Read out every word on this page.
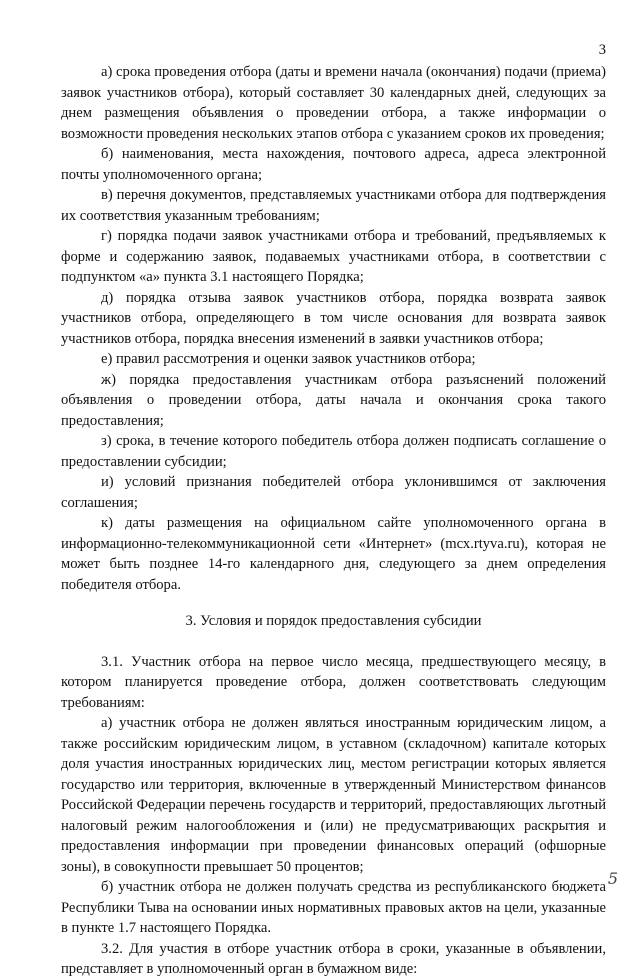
3

а) срока проведения отбора (даты и времени начала (окончания) подачи (приема) заявок участников отбора), который составляет 30 календарных дней, следующих за днем размещения объявления о проведении отбора, а также информации о возможности проведения нескольких этапов отбора с указанием сроков их проведения;

б) наименования, места нахождения, почтового адреса, адреса электронной почты уполномоченного органа;

в) перечня документов, представляемых участниками отбора для подтверждения их соответствия указанным требованиям;

г) порядка подачи заявок участниками отбора и требований, предъявляемых к форме и содержанию заявок, подаваемых участниками отбора, в соответствии с подпунктом «а» пункта 3.1 настоящего Порядка;

д) порядка отзыва заявок участников отбора, порядка возврата заявок участников отбора, определяющего в том числе основания для возврата заявок участников отбора, порядка внесения изменений в заявки участников отбора;

е) правил рассмотрения и оценки заявок участников отбора;

ж) порядка предоставления участникам отбора разъяснений положений объявления о проведении отбора, даты начала и окончания срока такого предоставления;

з) срока, в течение которого победитель отбора должен подписать соглашение о предоставлении субсидии;

и) условий признания победителей отбора уклонившимся от заключения соглашения;

к) даты размещения на официальном сайте уполномоченного органа в информационно-телекоммуникационной сети «Интернет» (mсх.rtyva.ru), которая не может быть позднее 14-го календарного дня, следующего за днем определения победителя отбора.

3. Условия и порядок предоставления субсидии

3.1. Участник отбора на первое число месяца, предшествующего месяцу, в котором планируется проведение отбора, должен соответствовать следующим требованиям:

а) участник отбора не должен являться иностранным юридическим лицом, а также российским юридическим лицом, в уставном (складочном) капитале которых доля участия иностранных юридических лиц, местом регистрации которых является государство или территория, включенные в утвержденный Министерством финансов Российской Федерации перечень государств и территорий, предоставляющих льготный налоговый режим налогообложения и (или) не предусматривающих раскрытия и предоставления информации при проведении финансовых операций (офшорные зоны), в совокупности превышает 50 процентов;

б) участник отбора не должен получать средства из республиканского бюджета Республики Тыва на основании иных нормативных правовых актов на цели, указанные в пункте 1.7 настоящего Порядка.

3.2. Для участия в отборе участник отбора в сроки, указанные в объявлении, представляет в уполномоченный орган в бумажном виде:

5
